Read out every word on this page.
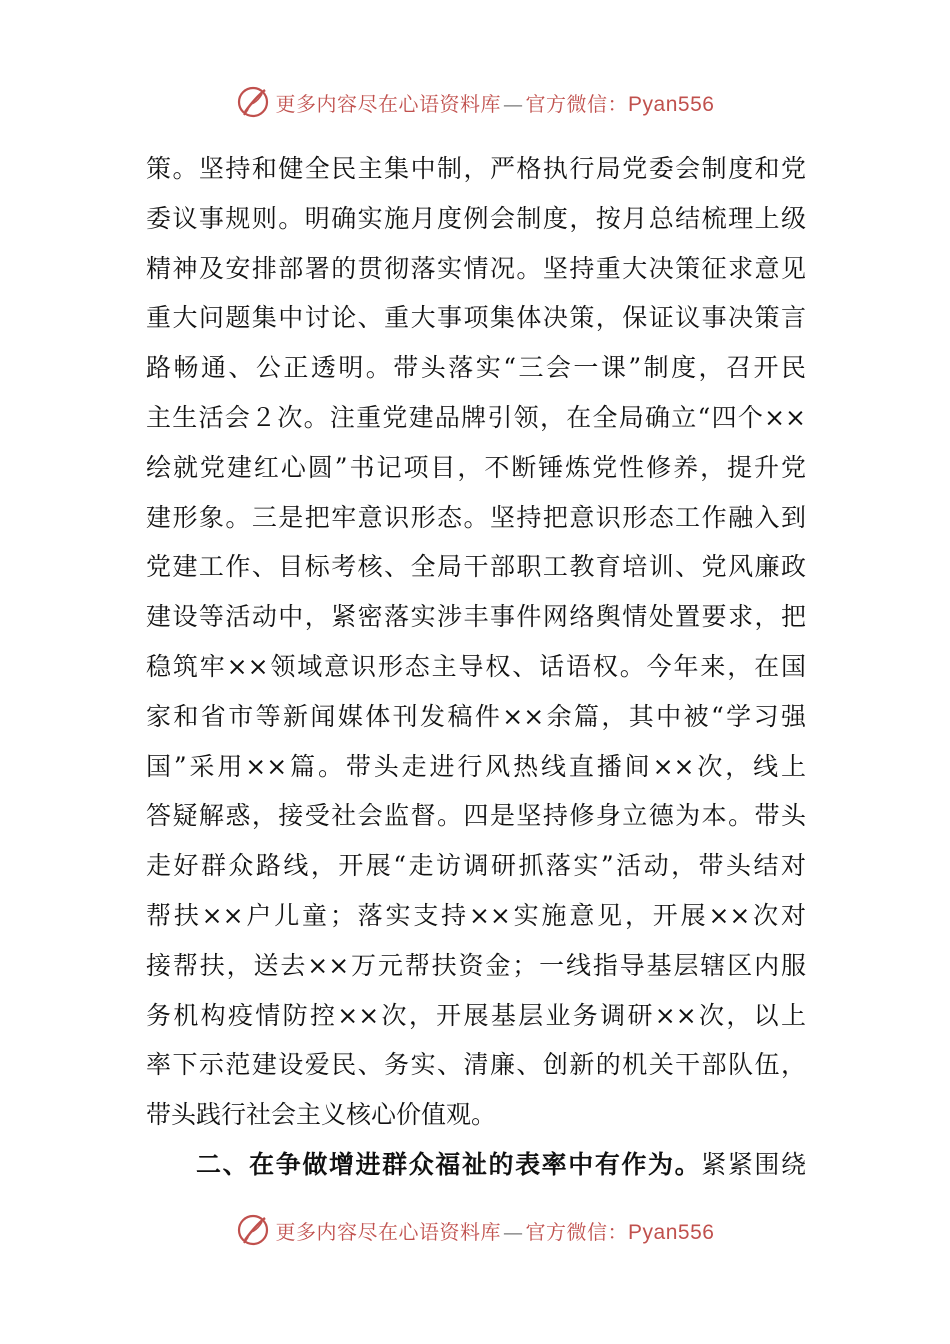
更多内容尽在心语资料库 — 官方微信：Pyan556
策。坚持和健全民主集中制，严格执行局党委会制度和党
委议事规则。明确实施月度例会制度，按月总结梳理上级
精神及安排部署的贯彻落实情况。坚持重大决策征求意见
重大问题集中讨论、重大事项集体决策，保证议事决策言
路畅通、公正透明。带头落实“三会一课”制度，召开民
主生活会２次。注重党建品牌引领，在全局确立“四个××
绘就党建红心圆”书记项目，不断锤炼党性修养，提升党
建形象。三是把牢意识形态。坚持把意识形态工作融入到
党建工作、目标考核、全局干部职工教育培训、党风廉政
建设等活动中，紧密落实涉丰事件网络舆情处置要求，把
稳筑牢××领域意识形态主导权、话语权。今年来，在国
家和省市等新闻媒体刊发稿件××余篇，其中被“学习强
国”采用××篇。带头走进行风热线直播间××次，线上
答疑解惑，接受社会监督。四是坚持修身立德为本。带头
走好群众路线，开展“走访调研抓落实”活动，带头结对
帮扶××户儿童；落实支持××实施意见，开展××次对
接帮扶，送去××万元帮扶资金；一线指导基层辖区内服
务机构疫情防控××次，开展基层业务调研××次，以上
率下示范建设爱民、务实、清廉、创新的机关干部队伍，
带头践行社会主义核心价值观。
二、在争做增进群众福祉的表率中有作为。紧紧围绕
更多内容尽在心语资料库 — 官方微信：Pyan556
